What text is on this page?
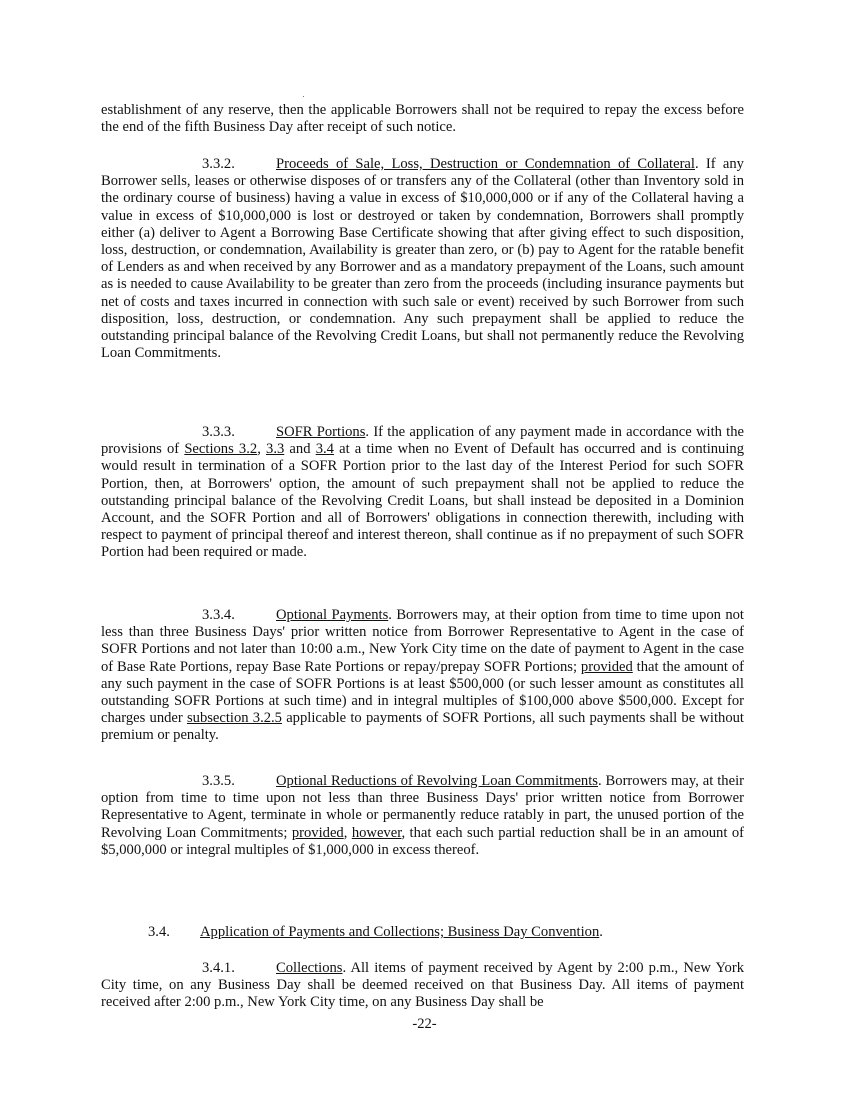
establishment of any reserve, then the applicable Borrowers shall not be required to repay the excess before the end of the fifth Business Day after receipt of such notice.

3.3.2.	Proceeds of Sale, Loss, Destruction or Condemnation of Collateral. If any Borrower sells, leases or otherwise disposes of or transfers any of the Collateral (other than Inventory sold in the ordinary course of business) having a value in excess of $10,000,000 or if any of the Collateral having a value in excess of $10,000,000 is lost or destroyed or taken by condemnation, Borrowers shall promptly either (a) deliver to Agent a Borrowing Base Certificate showing that after giving effect to such disposition, loss, destruction, or condemnation, Availability is greater than zero, or (b) pay to Agent for the ratable benefit of Lenders as and when received by any Borrower and as a mandatory prepayment of the Loans, such amount as is needed to cause Availability to be greater than zero from the proceeds (including insurance payments but net of costs and taxes incurred in connection with such sale or event) received by such Borrower from such disposition, loss, destruction, or condemnation. Any such prepayment shall be applied to reduce the outstanding principal balance of the Revolving Credit Loans, but shall not permanently reduce the Revolving Loan Commitments.

3.3.3.	SOFR Portions. If the application of any payment made in accordance with the provisions of Sections 3.2, 3.3 and 3.4 at a time when no Event of Default has occurred and is continuing would result in termination of a SOFR Portion prior to the last day of the Interest Period for such SOFR Portion, then, at Borrowers' option, the amount of such prepayment shall not be applied to reduce the outstanding principal balance of the Revolving Credit Loans, but shall instead be deposited in a Dominion Account, and the SOFR Portion and all of Borrowers' obligations in connection therewith, including with respect to payment of principal thereof and interest thereon, shall continue as if no prepayment of such SOFR Portion had been required or made.

3.3.4.	Optional Payments. Borrowers may, at their option from time to time upon not less than three Business Days' prior written notice from Borrower Representative to Agent in the case of SOFR Portions and not later than 10:00 a.m., New York City time on the date of payment to Agent in the case of Base Rate Portions, repay Base Rate Portions or repay/prepay SOFR Portions; provided that the amount of any such payment in the case of SOFR Portions is at least $500,000 (or such lesser amount as constitutes all outstanding SOFR Portions at such time) and in integral multiples of $100,000 above $500,000. Except for charges under subsection 3.2.5 applicable to payments of SOFR Portions, all such payments shall be without premium or penalty.

3.3.5.	Optional Reductions of Revolving Loan Commitments. Borrowers may, at their option from time to time upon not less than three Business Days' prior written notice from Borrower Representative to Agent, terminate in whole or permanently reduce ratably in part, the unused portion of the Revolving Loan Commitments; provided, however, that each such partial reduction shall be in an amount of $5,000,000 or integral multiples of $1,000,000 in excess thereof.

3.4. Application of Payments and Collections; Business Day Convention.

3.4.1.	Collections. All items of payment received by Agent by 2:00 p.m., New York City time, on any Business Day shall be deemed received on that Business Day. All items of payment received after 2:00 p.m., New York City time, on any Business Day shall be

-22-
